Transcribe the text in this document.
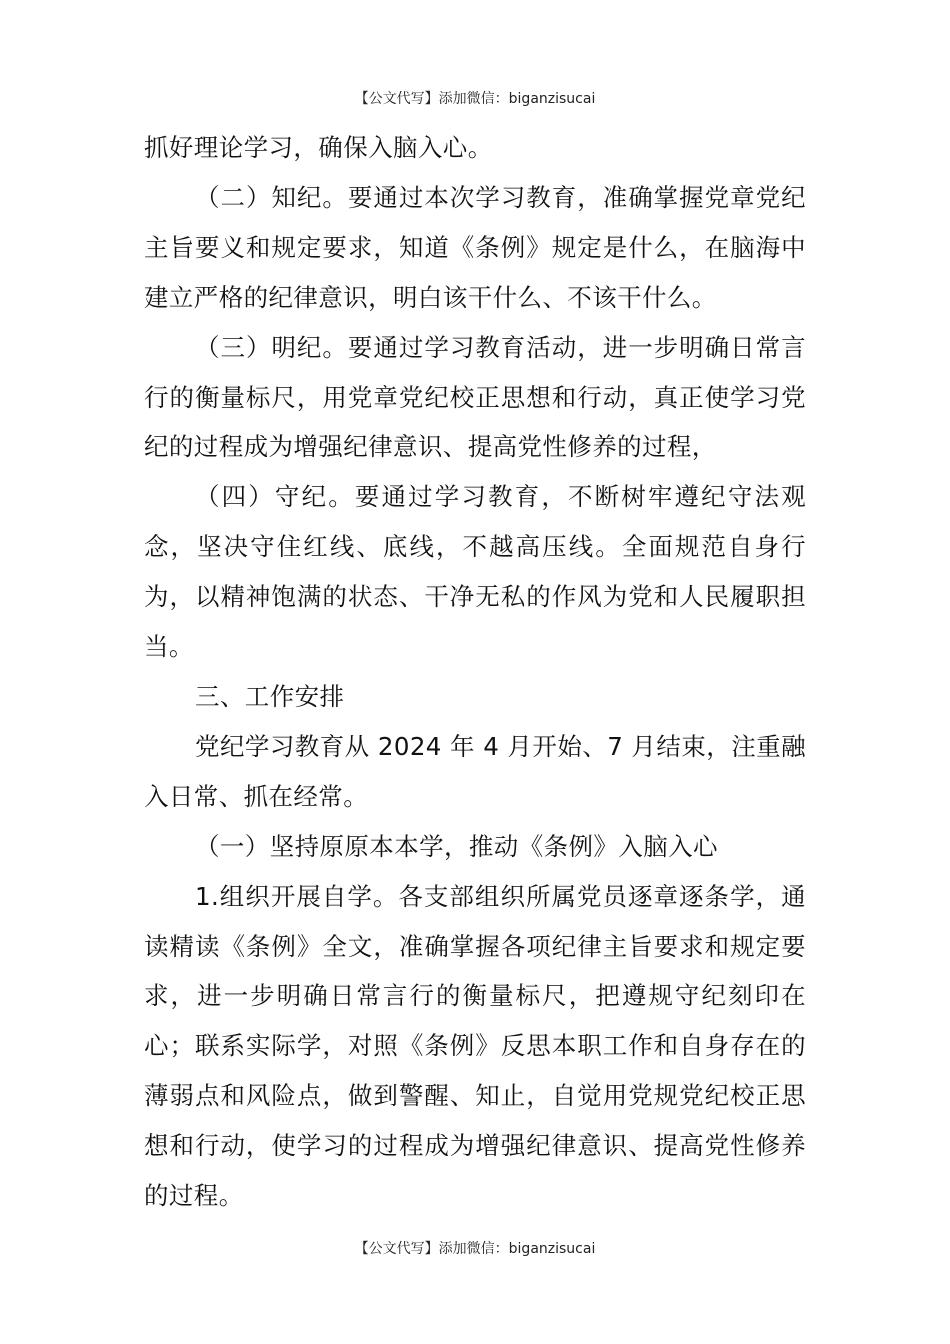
【公文代写】添加微信：biganzisucai

抓好理论学习，确保入脑入心。

（二）知纪。要通过本次学习教育，准确掌握党章党纪主旨要义和规定要求，知道《条例》规定是什么，在脑海中建立严格的纪律意识，明白该干什么、不该干什么。

（三）明纪。要通过学习教育活动，进一步明确日常言行的衡量标尺，用党章党纪校正思想和行动，真正使学习党纪的过程成为增强纪律意识、提高党性修养的过程，

（四）守纪。要通过学习教育，不断树牢遵纪守法观念，坚决守住红线、底线，不越高压线。全面规范自身行为，以精神饱满的状态、干净无私的作风为党和人民履职担当。

三、工作安排

党纪学习教育从 2024 年 4 月开始、7 月结束，注重融入日常、抓在经常。

（一）坚持原原本本学，推动《条例》入脑入心

1.组织开展自学。各支部组织所属党员逐章逐条学，通读精读《条例》全文，准确掌握各项纪律主旨要求和规定要求，进一步明确日常言行的衡量标尺，把遵规守纪刻印在心；联系实际学，对照《条例》反思本职工作和自身存在的薄弱点和风险点，做到警醒、知止，自觉用党规党纪校正思想和行动，使学习的过程成为增强纪律意识、提高党性修养的过程。

【公文代写】添加微信：biganzisucai
